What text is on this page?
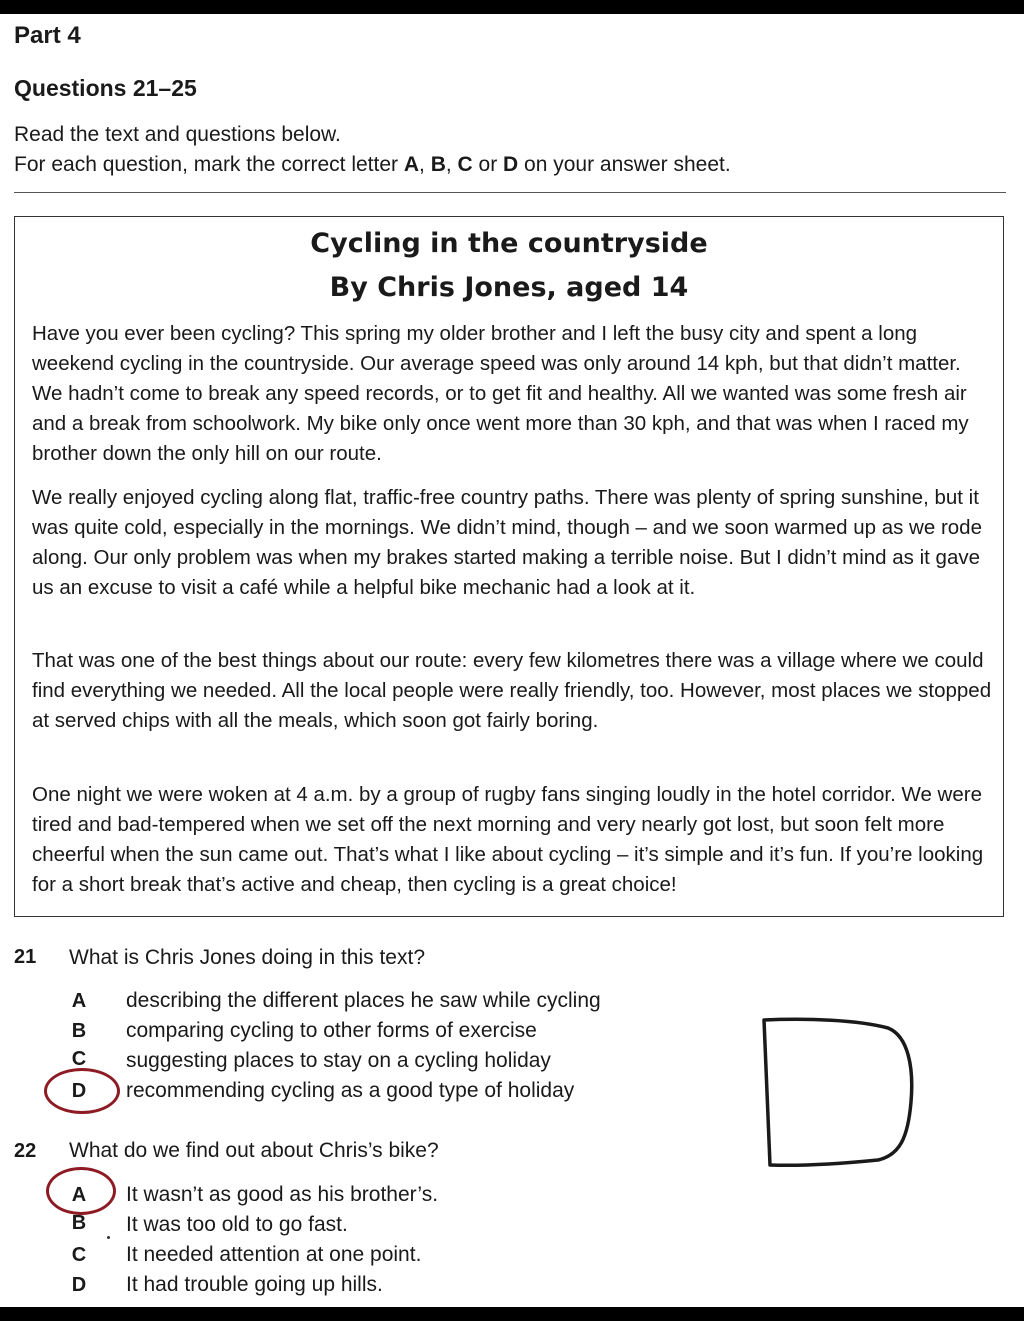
Part 4
Questions 21–25

Read the text and questions below.

For each question, mark the correct letter A, B, C or D on your answer sheet.

Cycling in the countryside
By Chris Jones, aged 14

Have you ever been cycling? This spring my older brother and I left the busy city and spent a long weekend cycling in the countryside. Our average speed was only around 14 kph, but that didn’t matter. We hadn’t come to break any speed records, or to get fit and healthy. All we wanted was some fresh air and a break from schoolwork. My bike only once went more than 30 kph, and that was when I raced my brother down the only hill on our route.

We really enjoyed cycling along flat, traffic-free country paths. There was plenty of spring sunshine, but it was quite cold, especially in the mornings. We didn’t mind, though – and we soon warmed up as we rode along. Our only problem was when my brakes started making a terrible noise. But I didn’t mind as it gave us an excuse to visit a café while a helpful bike mechanic had a look at it.

That was one of the best things about our route: every few kilometres there was a village where we could find everything we needed. All the local people were really friendly, too. However, most places we stopped at served chips with all the meals, which soon got fairly boring.

One night we were woken at 4 a.m. by a group of rugby fans singing loudly in the hotel corridor. We were tired and bad-tempered when we set off the next morning and very nearly got lost, but soon felt more cheerful when the sun came out. That’s what I like about cycling – it’s simple and it’s fun. If you’re looking for a short break that’s active and cheap, then cycling is a great choice!

21 What is Chris Jones doing in this text?
A describing the different places he saw while cycling
B comparing cycling to other forms of exercise
C suggesting places to stay on a cycling holiday
D recommending cycling as a good type of holiday
22 What do we find out about Chris’s bike?
A It wasn’t as good as his brother’s.
B It was too old to go fast.
C It needed attention at one point.
D It had trouble going up hills.
